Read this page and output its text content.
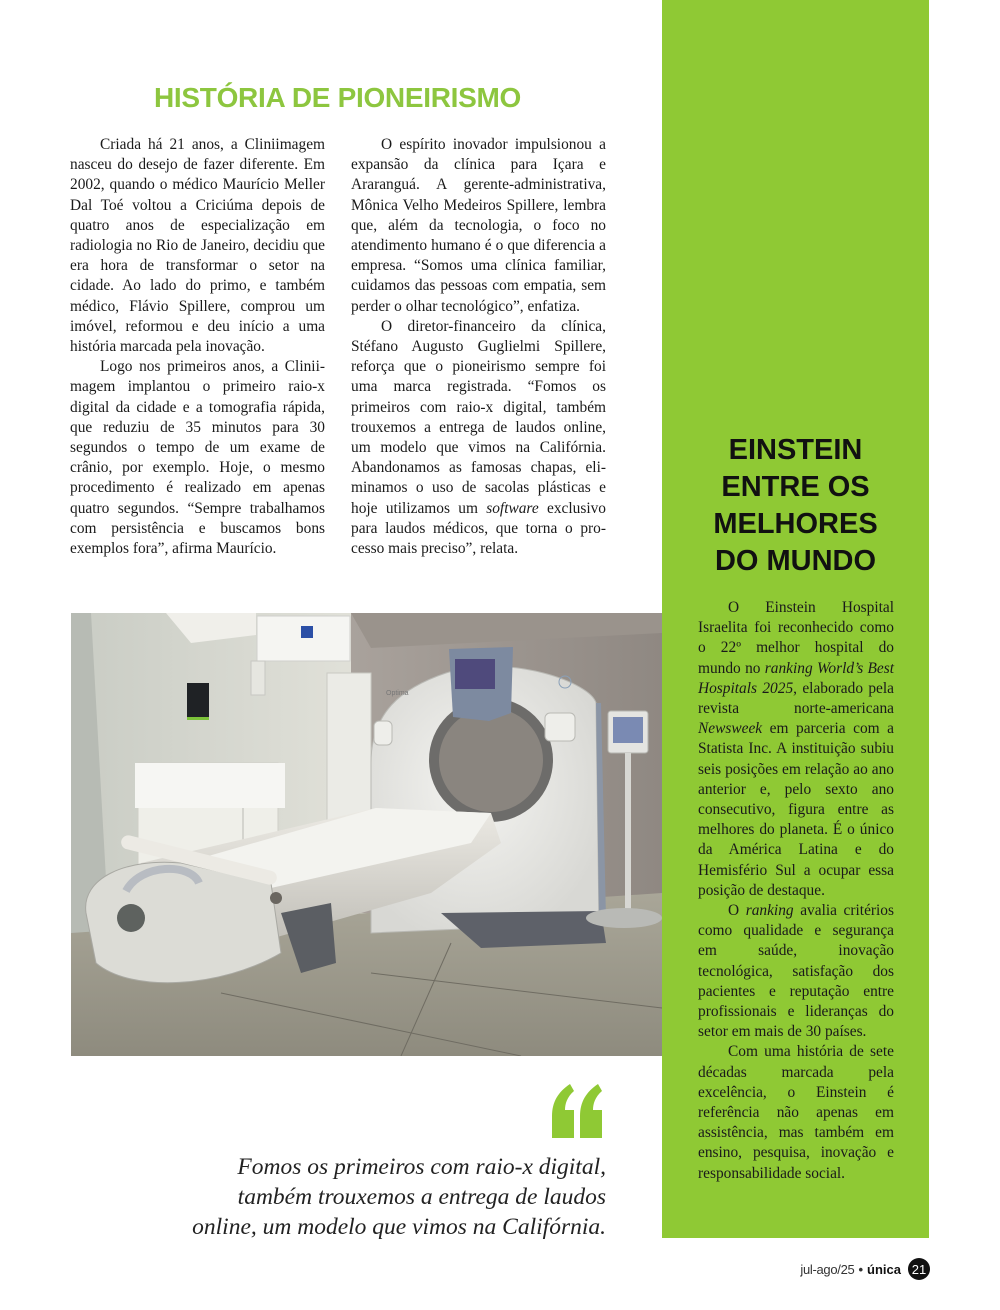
HISTÓRIA DE PIONEIRISMO

Criada há 21 anos, a Cliniimagem nasceu do desejo de fazer diferente. Em 2002, quando o médico Maurício Meller Dal Toé voltou a Criciúma depois de quatro anos de especialização em radiologia no Rio de Janeiro, decidiu que era hora de transformar o setor na cidade. Ao lado do primo, e também médico, Flávio Spillere, comprou um imóvel, reformou e deu início a uma história marcada pela inovação.

Logo nos primeiros anos, a Cliniimagem implantou o primeiro raio-x digital da cidade e a tomografia rápida, que reduziu de 35 minutos para 30 segundos o tempo de um exame de crânio, por exemplo. Hoje, o mesmo procedimento é realizado em apenas quatro segundos. “Sempre trabalhamos com persistência e buscamos bons exemplos fora”, afirma Maurício.

O espírito inovador impulsionou a expansão da clínica para Içara e Araranguá. A gerente-administrativa, Mônica Velho Medeiros Spillere, lembra que, além da tecnologia, o foco no atendimento humano é o que diferencia a empresa. “Somos uma clínica familiar, cuidamos das pessoas com empatia, sem perder o olhar tecnológico”, enfatiza.

O diretor-financeiro da clínica, Stéfano Augusto Guglielmi Spillere, reforça que o pioneirismo sempre foi uma marca registrada. “Fomos os primeiros com raio-x digital, também trouxemos a entrega de laudos online, um modelo que vimos na Califórnia. Abandonamos as famosas chapas, eliminamos o uso de sacolas plásticas e hoje utilizamos um software exclusivo para laudos médicos, que torna o processo mais preciso”, relata.

EINSTEIN
ENTRE OS
MELHORES
DO MUNDO

O Einstein Hospital Israelita foi reconhecido como o 22º melhor hospital do mundo no ranking World’s Best Hospitals 2025, elaborado pela revista norte-americana Newsweek em parceria com a Statista Inc. A instituição subiu seis posições em relação ao ano anterior e, pelo sexto ano consecutivo, figura entre as melhores do planeta. É o único da América Latina e do Hemisfério Sul a ocupar essa posição de destaque.

O ranking avalia critérios como qualidade e segurança em saúde, inovação tecnológica, satisfação dos pacientes e reputação entre profissionais e lideranças do setor em mais de 30 países.

Com uma história de sete décadas marcada pela excelência, o Einstein é referência não apenas em assistência, mas também em ensino, pesquisa, inovação e responsabilidade social.

Optima
Fomos os primeiros com raio-x digital,
também trouxemos a entrega de laudos
online, um modelo que vimos na Califórnia.
jul-ago/25 • única 21
